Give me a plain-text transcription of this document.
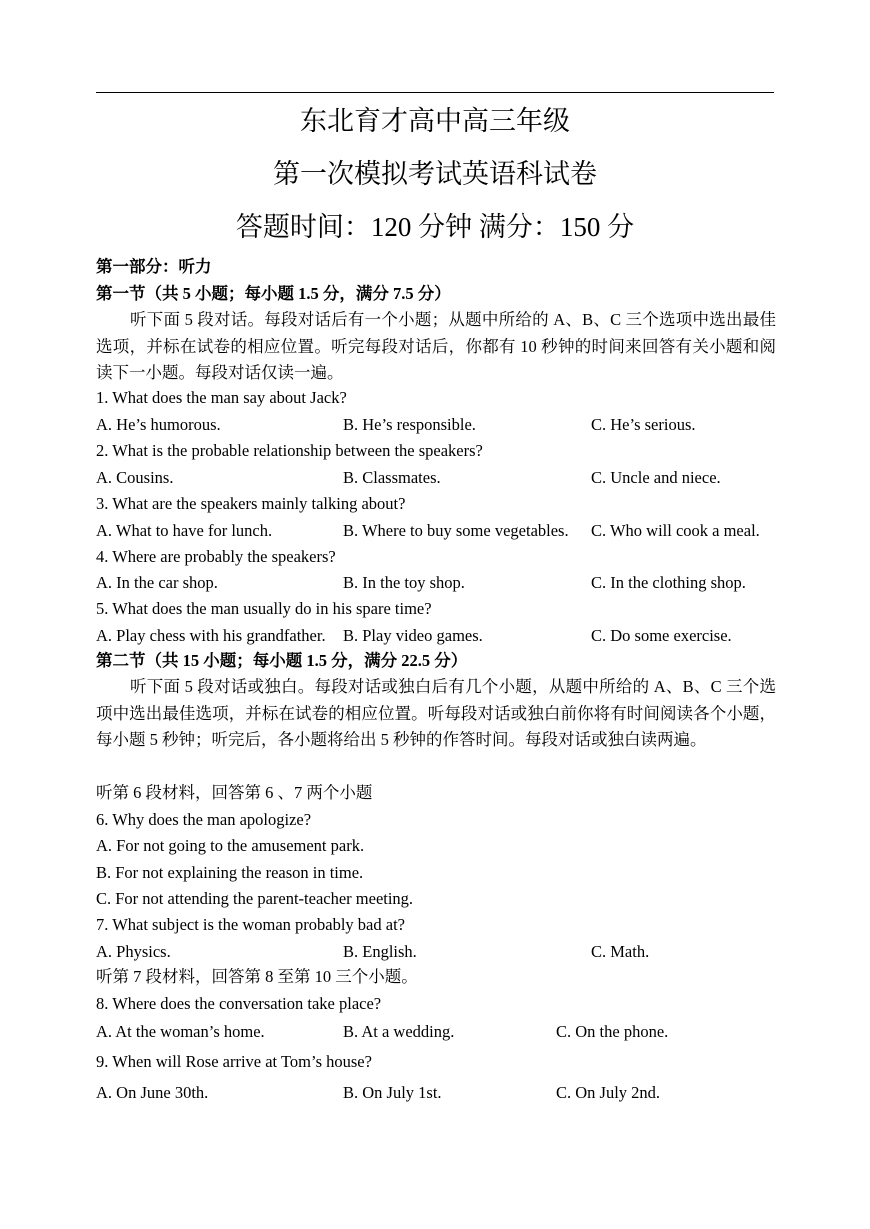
东北育才高中高三年级
第一次模拟考试英语科试卷
答题时间：120 分钟 满分：150 分
第一部分：听力
第一节（共 5 小题；每小题 1.5 分，满分 7.5 分）
听下面 5 段对话。每段对话后有一个小题；从题中所给的 A、B、C 三个选项中选出最佳选项，并标在试卷的相应位置。听完每段对话后，你都有 10 秒钟的时间来回答有关小题和阅读下一小题。每段对话仅读一遍。
1. What does the man say about Jack?
A. He’s humorous.	B. He’s responsible.	C. He’s serious.
2. What is the probable relationship between the speakers?
A. Cousins.	B. Classmates.	C. Uncle and niece.
3. What are the speakers mainly talking about?
A. What to have for lunch.	B. Where to buy some vegetables. C. Who will cook a meal.
4. Where are probably the speakers?
A. In the car shop.	B. In the toy shop.	C. In the clothing shop.
5. What does the man usually do in his spare time?
A. Play chess with his grandfather. B. Play video games.	C. Do some exercise.
第二节（共 15 小题；每小题 1.5 分，满分 22.5 分）
听下面 5 段对话或独白。每段对话或独白后有几个小题，从题中所给的 A、B、C 三个选项中选出最佳选项，并标在试卷的相应位置。听每段对话或独白前你将有时间阅读各个小题，每小题 5 秒钟；听完后，各小题将给出 5 秒钟的作答时间。每段对话或独白读两遍。
听第 6 段材料，回答第 6 、7 两个小题
6. Why does the man apologize?
A. For not going to the amusement park.
B. For not explaining the reason in time.
C. For not attending the parent-teacher meeting.
7. What subject is the woman probably bad at?
A. Physics.	B. English.	C. Math.
听第 7 段材料，回答第 8 至第 10 三个小题。
8. Where does the conversation take place?
A. At the woman’s home.	B. At a wedding.	C. On the phone.
9. When will Rose arrive at Tom’s house?
A. On June 30th.	B. On July 1st.	C. On July 2nd.
